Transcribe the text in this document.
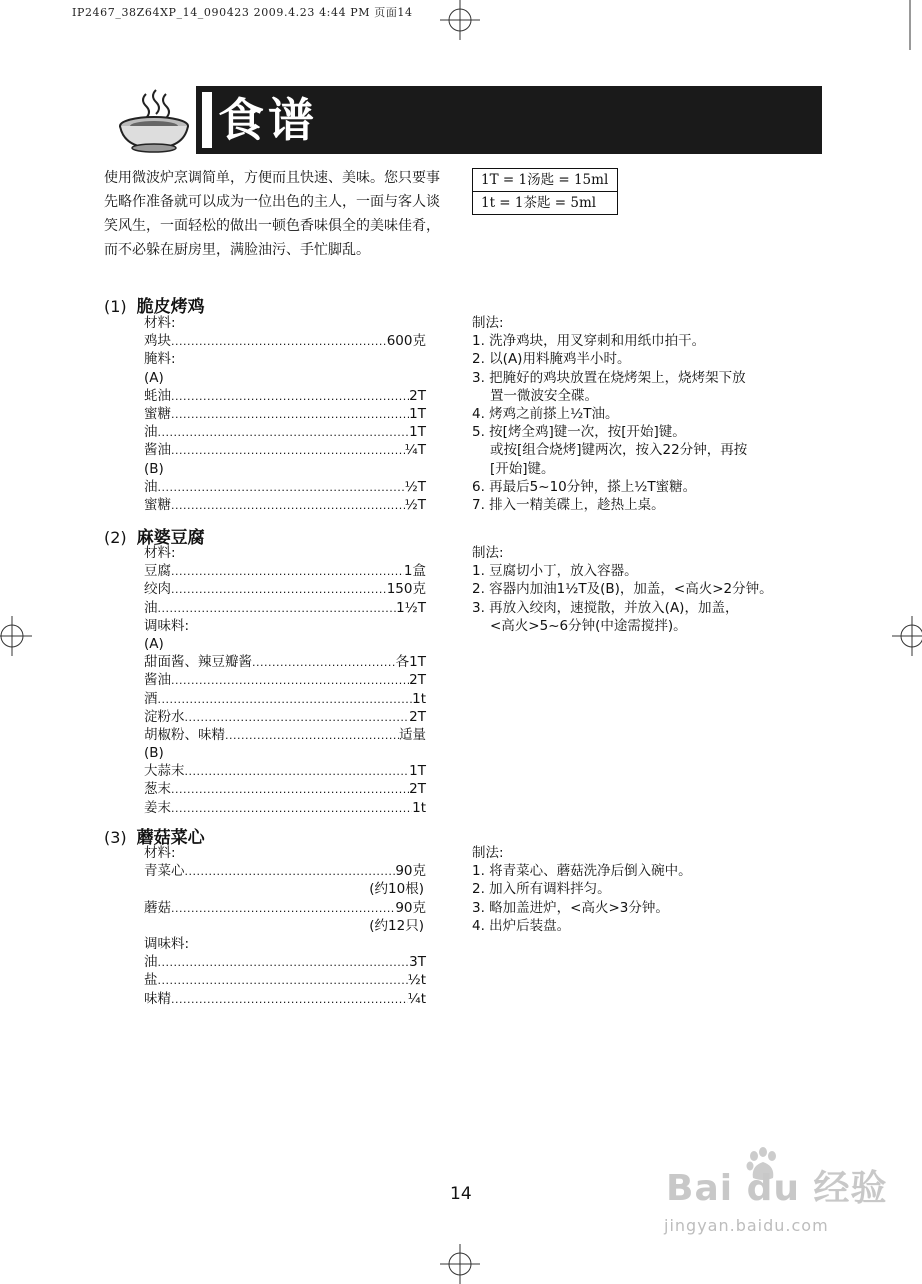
IP2467_38Z64XP_14_090423 2009.4.23 4:44 PM 页面14
食谱
使用微波炉烹调简单，方便而且快速、美味。您只要事先略作准备就可以成为一位出色的主人，一面与客人谈笑风生，一面轻松的做出一顿色香味俱全的美味佳肴，而不必躲在厨房里，满脸油污、手忙脚乱。
1T = 1汤匙 = 15ml
1t = 1茶匙 = 5ml
(1) 脆皮烤鸡
材料:
鸡块 .....	600克
腌料:
(A)
蚝油 .....	2T
蜜糖 .....	1T
油 .....	1T
酱油 .....	¼T
(B)
油 .....	½T
蜜糖 .....	½T
制法:
1. 洗净鸡块，用叉穿刺和用纸巾拍干。
2. 以(A)用料腌鸡半小时。
3. 把腌好的鸡块放置在烧烤架上，烧烤架下放
置一微波安全碟。
4. 烤鸡之前搽上½T油。
5. 按[烤全鸡]键一次，按[开始]键。
或按[组合烧烤]键两次，按入22分钟，再按
[开始]键。
6. 再最后5~10分钟，搽上½T蜜糖。
7. 排入一精美碟上，趁热上桌。
(2) 麻婆豆腐
材料:
豆腐 .....	1盒
绞肉 .....	150克
油 .....	1½T
调味料:
(A)
甜面酱、辣豆瓣酱 .....	各1T
酱油 .....	2T
酒 .....	1t
淀粉水 .....	2T
胡椒粉、味精 .....	适量
(B)
大蒜末 .....	1T
葱末 .....	2T
姜末 .....	1t
制法:
1. 豆腐切小丁，放入容器。
2. 容器内加油1½T及(B)，加盖，<高火>2分钟。
3. 再放入绞肉，速搅散，并放入(A)，加盖，
<高火>5~6分钟(中途需搅拌)。
(3) 蘑菇菜心
材料:
青菜心 .....	90克
(约10根)
蘑菇 .....	90克
(约12只)
调味料:
油 .....	3T
盐 .....	½t
味精 .....	¼t
制法:
1. 将青菜心、蘑菇洗净后倒入碗中。
2. 加入所有调料拌匀。
3. 略加盖进炉，<高火>3分钟。
4. 出炉后装盘。
14	Bai du 经验
jingyan.baidu.com
